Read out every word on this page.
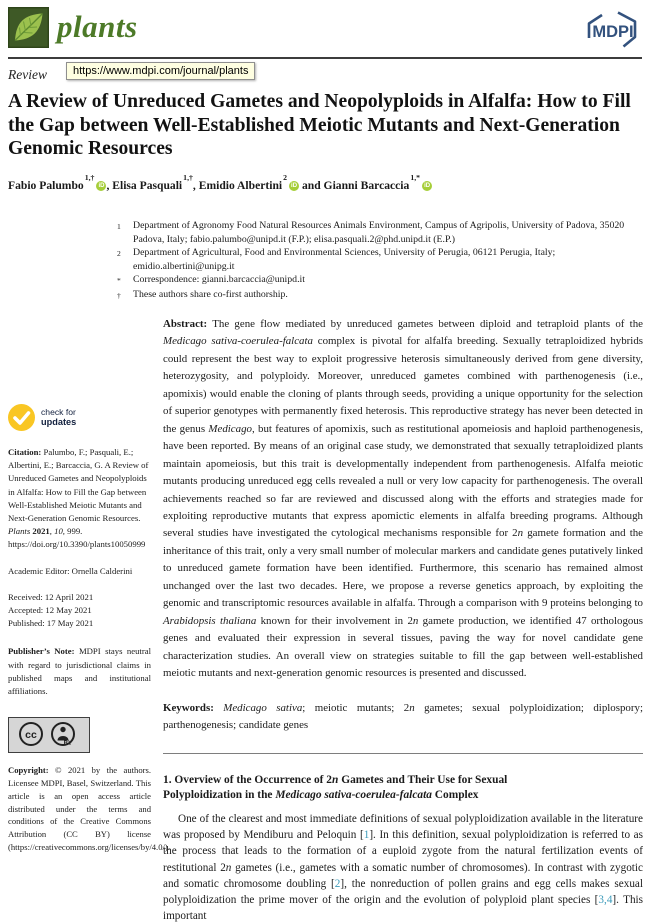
plants	MDPI
Review	https://www.mdpi.com/journal/plants
A Review of Unreduced Gametes and Neopolyploids in Alfalfa: How to Fill the Gap between Well-Established Meiotic Mutants and Next-Generation Genomic Resources
Fabio Palumbo$^{1,\dagger}$iD , Elisa Pasquali$^{1,\dagger}$, Emidio Albertini$^2$iD and Gianni Barcaccia$^{1,*}$iD
1	Department of Agronomy Food Natural Resources Animals Environment, Campus of Agripolis, University of Padova, 35020 Padova, Italy; fabio.palumbo@unipd.it (F.P.); elisa.pasquali.2@phd.unipd.it (E.P.)
2	Department of Agricultural, Food and Environmental Sciences, University of Perugia, 06121 Perugia, Italy; emidio.albertini@unipg.it
*	Correspondence: gianni.barcaccia@unipd.it
†	These authors share co-first authorship.
Abstract: The gene flow mediated by unreduced gametes between diploid and tetraploid plants of the Medicago sativa-coerulea-falcata complex is pivotal for alfalfa breeding. Sexually tetraploidized hybrids could represent the best way to exploit progressive heterosis simultaneously derived from gene diversity, heterozygosity, and polyploidy. Moreover, unreduced gametes combined with parthenogenesis (i.e., apomixis) would enable the cloning of plants through seeds, providing a unique opportunity for the selection of superior genotypes with permanently fixed heterosis. This reproductive strategy has never been detected in the genus Medicago, but features of apomixis, such as restitutional apomeiosis and haploid parthenogenesis, have been reported. By means of an original case study, we demonstrated that sexually tetraploidized plants maintain apomeiosis, but this trait is developmentally independent from parthenogenesis. Alfalfa meiotic mutants producing unreduced egg cells revealed a null or very low capacity for parthenogenesis. The overall achievements reached so far are reviewed and discussed along with the efforts and strategies made for exploiting reproductive mutants that express apomictic elements in alfalfa breeding programs. Although several studies have investigated the cytological mechanisms responsible for 2n gamete formation and the inheritance of this trait, only a very small number of molecular markers and candidate genes putatively linked to unreduced gamete formation have been identified. Furthermore, this scenario has remained almost unchanged over the last two decades. Here, we propose a reverse genetics approach, by exploiting the genomic and transcriptomic resources available in alfalfa. Through a comparison with 9 proteins belonging to Arabidopsis thaliana known for their involvement in 2n gamete production, we identified 47 orthologous genes and evaluated their expression in several tissues, paving the way for novel candidate gene characterization studies. An overall view on strategies suitable to fill the gap between well-established meiotic mutants and next-generation genomic resources is presented and discussed.
Keywords: Medicago sativa; meiotic mutants; 2n gametes; sexual polyploidization; diplospory; parthenogenesis; candidate genes
1. Overview of the Occurrence of 2n Gametes and Their Use for Sexual Polyploidization in the Medicago sativa-coerulea-falcata Complex
One of the clearest and most immediate definitions of sexual polyploidization available in the literature was proposed by Mendiburu and Peloquin [1]. In this definition, sexual polyploidization is referred to as the process that leads to the formation of a euploid zygote from the natural fertilization events of restitutional 2n gametes (i.e., gametes with a somatic number of chromosomes). In contrast with zygotic and somatic chromosome doubling [2], the nonreduction of pollen grains and egg cells makes sexual polyploidization the prime mover of the origin and the evolution of polyploid plant species [3,4]. This important
check for
updates
Citation: Palumbo, F.; Pasquali, E.; Albertini, E.; Barcaccia, G. A Review of Unreduced Gametes and Neopolyploids in Alfalfa: How to Fill the Gap between Well-Established Meiotic Mutants and Next-Generation Genomic Resources. Plants 2021, 10, 999. https://doi.org/10.3390/plants10050999
Academic Editor: Ornella Calderini
Received: 12 April 2021
Accepted: 12 May 2021
Published: 17 May 2021
Publisher’s Note: MDPI stays neutral with regard to jurisdictional claims in published maps and institutional affiliations.
cc
BY
Copyright: © 2021 by the authors. Licensee MDPI, Basel, Switzerland. This article is an open access article distributed under the terms and conditions of the Creative Commons Attribution (CC BY) license (https://creativecommons.org/licenses/by/4.0/).
